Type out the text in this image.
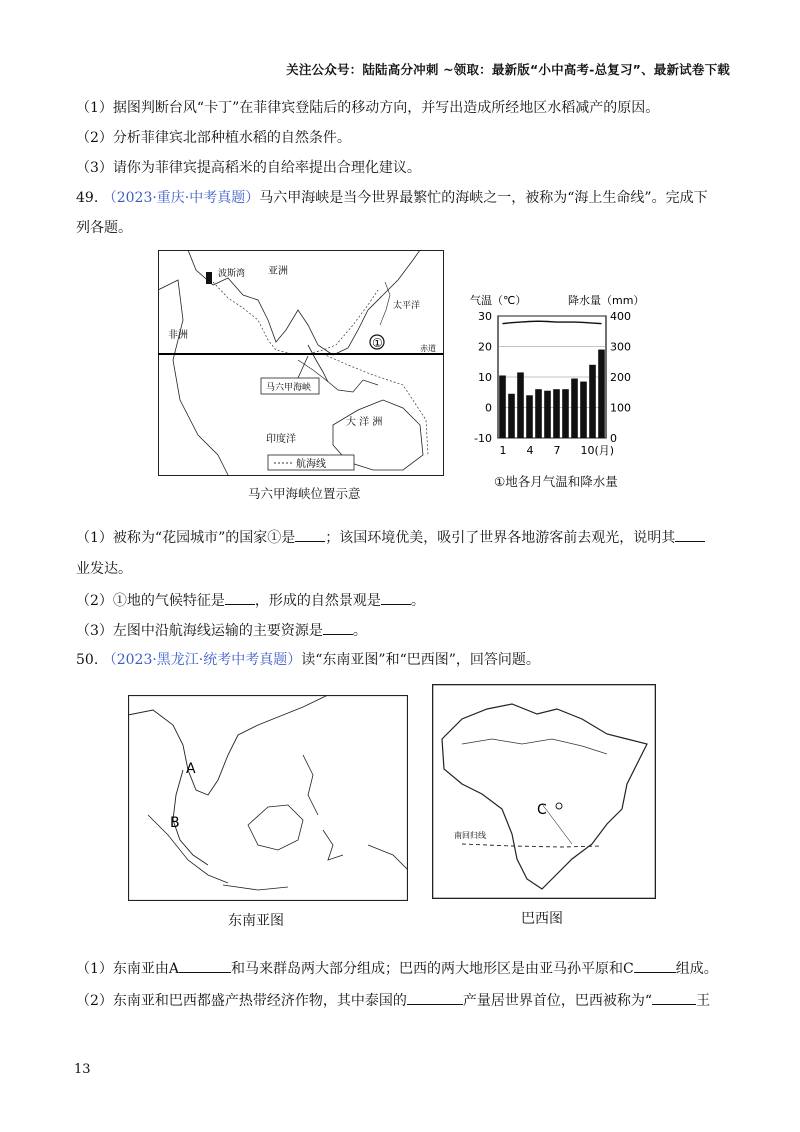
关注公众号：陆陆高分冲刺 ~领取：最新版“小中高考-总复习”、最新试卷下载
（1）据图判断台风“卡丁”在菲律宾登陆后的移动方向，并写出造成所经地区水稻减产的原因。
（2）分析菲律宾北部种植水稻的自然条件。
（3）请你为菲律宾提高稻米的自给率提出合理化建议。
49. （2023·重庆·中考真题）马六甲海峡是当今世界最繁忙的海峡之一，被称为“海上生命线”。完成下
列各题。
①
马六甲海峡
波斯湾 亚洲
太平洋
非洲
赤道
大 洋 洲
印度洋
航海线
马六甲海峡位置示意
气温（℃）	降水量（mm）
30
20
10
0
-10
400
300
200
100
0
1 4 7 10(月)
①地各月气温和降水量
（1）被称为“花园城市”的国家①是 ；该国环境优美，吸引了世界各地游客前去观光，说明其
业发达。
（2）①地的气候特征是 ，形成的自然景观是 。
（3）左图中沿航海线运输的主要资源是 。
50. （2023·黑龙江·统考中考真题）读“东南亚图”和“巴西图”，回答问题。
A
B
东南亚图
南回归线
C
巴西图
（1）东南亚由A	和马来群岛两大部分组成；巴西的两大地形区是由亚马孙平原和C	组成。
（2）东南亚和巴西都盛产热带经济作物，其中泰国的	产量居世界首位，巴西被称为“	王
13
